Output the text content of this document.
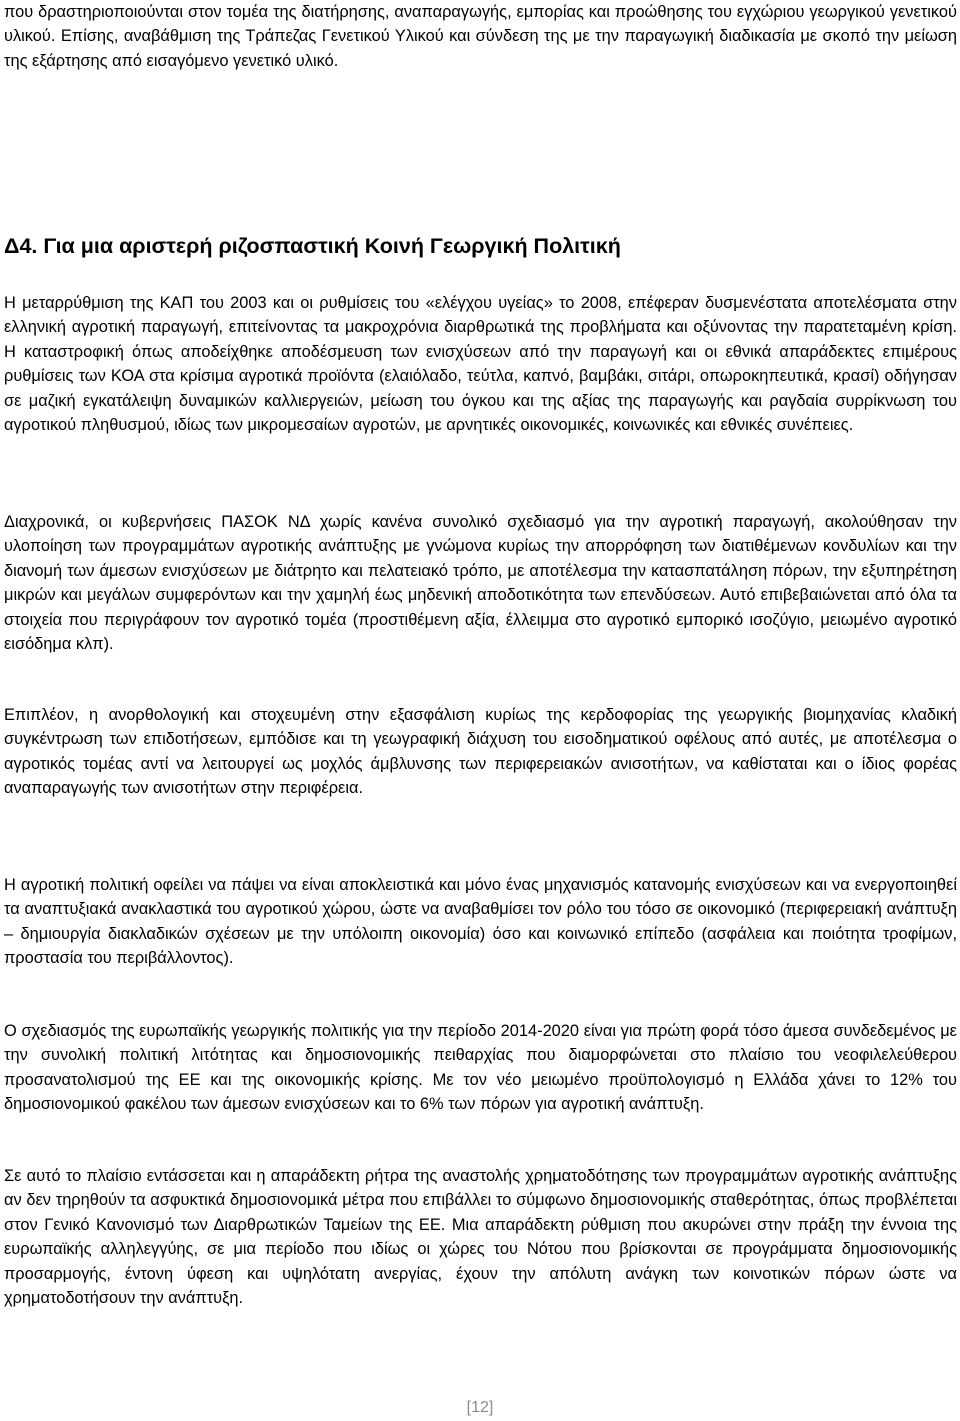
που δραστηριοποιούνται στον τομέα της διατήρησης, αναπαραγωγής, εμπορίας και προώθησης του εγχώριου γεωργικού γενετικού υλικού. Επίσης, αναβάθμιση της Τράπεζας Γενετικού Υλικού και σύνδεση της με την παραγωγική διαδικασία με σκοπό την μείωση της εξάρτησης από εισαγόμενο γενετικό υλικό.

Δ4. Για μια αριστερή ριζοσπαστική Κοινή Γεωργική Πολιτική

Η μεταρρύθμιση της ΚΑΠ του 2003 και οι ρυθμίσεις του «ελέγχου υγείας» το 2008, επέφεραν δυσμενέστατα αποτελέσματα στην ελληνική αγροτική παραγωγή, επιτείνοντας τα μακροχρόνια διαρθρωτικά της προβλήματα και οξύνοντας την παρατεταμένη κρίση. Η καταστροφική όπως αποδείχθηκε αποδέσμευση των ενισχύσεων από την παραγωγή και οι εθνικά απαράδεκτες επιμέρους ρυθμίσεις των ΚΟΑ στα κρίσιμα αγροτικά προϊόντα (ελαιόλαδο, τεύτλα, καπνό, βαμβάκι, σιτάρι, οπωροκηπευτικά, κρασί) οδήγησαν σε μαζική εγκατάλειψη δυναμικών καλλιεργειών, μείωση του όγκου και της αξίας της παραγωγής και ραγδαία συρρίκνωση του αγροτικού πληθυσμού, ιδίως των μικρομεσαίων αγροτών, με αρνητικές οικονομικές, κοινωνικές και εθνικές συνέπειες.

Διαχρονικά, οι κυβερνήσεις ΠΑΣΟΚ ΝΔ χωρίς κανένα συνολικό σχεδιασμό για την αγροτική παραγωγή, ακολούθησαν την υλοποίηση των προγραμμάτων αγροτικής ανάπτυξης με γνώμονα κυρίως την απορρόφηση των διατιθέμενων κονδυλίων και την διανομή των άμεσων ενισχύσεων με διάτρητο και πελατειακό τρόπο, με αποτέλεσμα την κατασπατάληση πόρων, την εξυπηρέτηση μικρών και μεγάλων συμφερόντων και την χαμηλή έως μηδενική αποδοτικότητα των επενδύσεων. Αυτό επιβεβαιώνεται από όλα τα στοιχεία που περιγράφουν τον αγροτικό τομέα (προστιθέμενη αξία, έλλειμμα στο αγροτικό εμπορικό ισοζύγιο, μειωμένο αγροτικό εισόδημα κλπ).

Επιπλέον, η ανορθολογική και στοχευμένη στην εξασφάλιση κυρίως της κερδοφορίας της γεωργικής βιομηχανίας κλαδική συγκέντρωση των επιδοτήσεων, εμπόδισε και τη γεωγραφική διάχυση του εισοδηματικού οφέλους από αυτές, με αποτέλεσμα ο αγροτικός τομέας αντί να λειτουργεί ως μοχλός άμβλυνσης των περιφερειακών ανισοτήτων, να καθίσταται και ο ίδιος φορέας αναπαραγωγής των ανισοτήτων στην περιφέρεια.

Η αγροτική πολιτική οφείλει να πάψει να είναι αποκλειστικά και μόνο ένας μηχανισμός κατανομής ενισχύσεων και να ενεργοποιηθεί τα αναπτυξιακά ανακλαστικά του αγροτικού χώρου, ώστε να αναβαθμίσει τον ρόλο του τόσο σε οικονομικό (περιφερειακή ανάπτυξη – δημιουργία διακλαδικών σχέσεων με την υπόλοιπη οικονομία) όσο και κοινωνικό επίπεδο (ασφάλεια και ποιότητα τροφίμων, προστασία του περιβάλλοντος).

Ο σχεδιασμός της ευρωπαϊκής γεωργικής πολιτικής για την περίοδο 2014-2020 είναι για πρώτη φορά τόσο άμεσα συνδεδεμένος με την συνολική πολιτική λιτότητας και δημοσιονομικής πειθαρχίας που διαμορφώνεται στο πλαίσιο του νεοφιλελεύθερου προσανατολισμού της ΕΕ και της οικονομικής κρίσης. Με τον νέο μειωμένο προϋπολογισμό η Ελλάδα χάνει το 12% του δημοσιονομικού φακέλου των άμεσων ενισχύσεων και το 6% των πόρων για αγροτική ανάπτυξη.

Σε αυτό το πλαίσιο εντάσσεται και η απαράδεκτη ρήτρα της αναστολής χρηματοδότησης των προγραμμάτων αγροτικής ανάπτυξης αν δεν τηρηθούν τα ασφυκτικά δημοσιονομικά μέτρα που επιβάλλει το σύμφωνο δημοσιονομικής σταθερότητας, όπως προβλέπεται στον Γενικό Κανονισμό των Διαρθρωτικών Ταμείων της ΕΕ. Μια απαράδεκτη ρύθμιση που ακυρώνει στην πράξη την έννοια της ευρωπαϊκής αλληλεγγύης, σε μια περίοδο που ιδίως οι χώρες του Νότου που βρίσκονται σε προγράμματα δημοσιονομικής προσαρμογής, έντονη ύφεση και υψηλότατη ανεργίας, έχουν την απόλυτη ανάγκη των κοινοτικών πόρων ώστε να χρηματοδοτήσουν την ανάπτυξη.

[12]
